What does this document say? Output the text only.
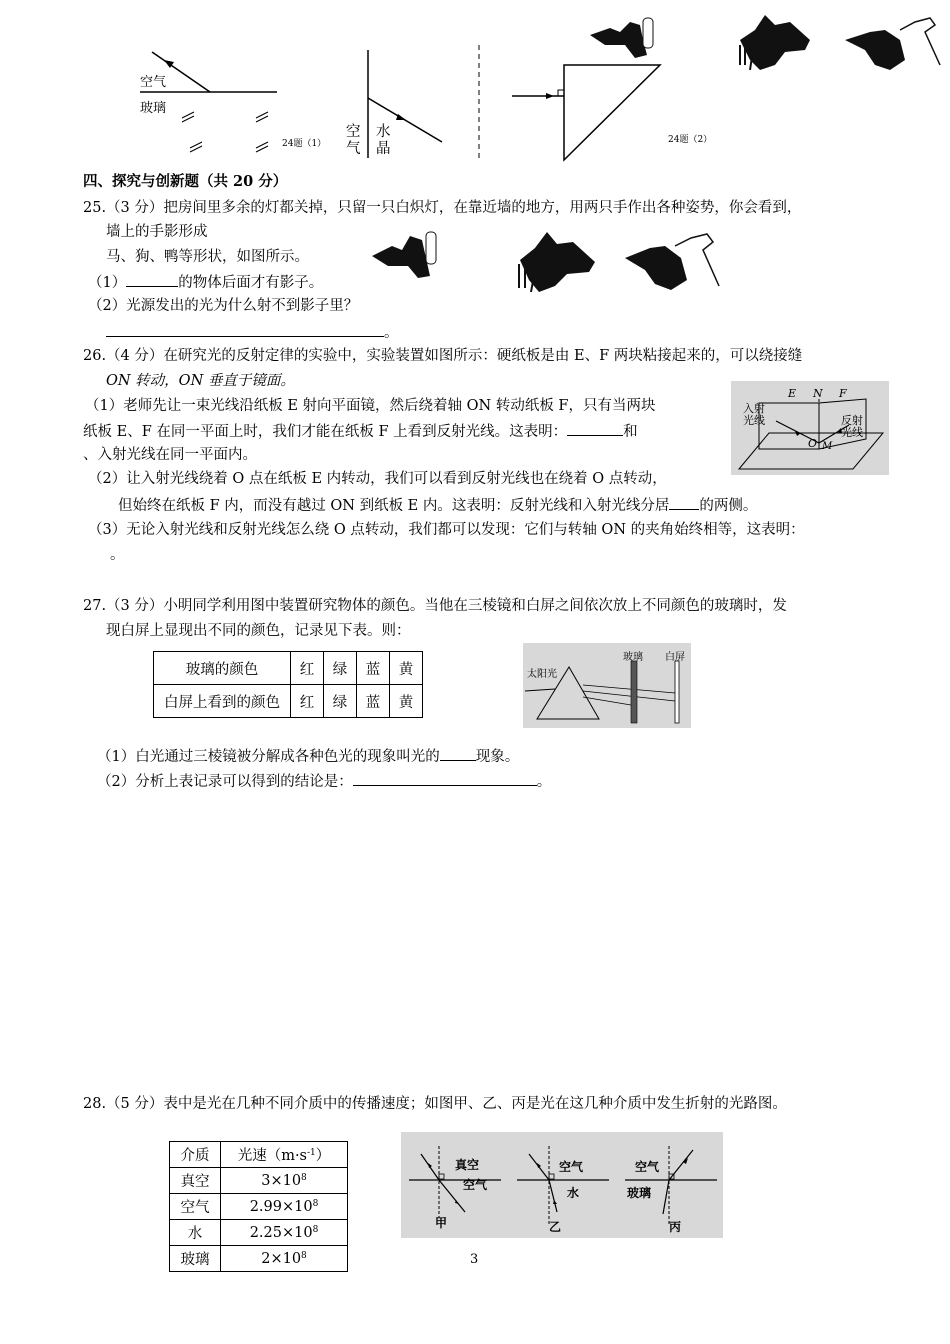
空气
玻璃
空
气
水
晶
24题（1）	24题（2）
四、探究与创新题（共 20 分）
25.（3 分）把房间里多余的灯都关掉，只留一只白炽灯，在靠近墙的地方，用两只手作出各种姿势，你会看到，
墙上的手影形成
马、狗、鸭等形状，如图所示。
（1）	的物体后面才有影子。
（2）光源发出的光为什么射不到影子里？
。
26.（4 分）在研究光的反射定律的实验中，实验装置如图所示：硬纸板是由 E、F 两块粘接起来的，可以绕接缝
ON 转动，ON 垂直于镜面。
（1）老师先让一束光线沿纸板 E 射向平面镜，然后绕着轴 ON 转动纸板 F，只有当两块
纸板 E、F 在同一平面上时，我们才能在纸板 F 上看到反射光线。这表明：	和
、入射光线在同一平面内。
（2）让入射光线绕着 O 点在纸板 E 内转动，我们可以看到反射光线也在绕着 O 点转动，
但始终在纸板 F 内，而没有越过 ON 到纸板 E 内。这表明：反射光线和入射光线分居 的两侧。
（3）无论入射光线和反射光线怎么绕 O 点转动，我们都可以发现：它们与转轴 ON 的夹角始终相等，这表明：
。
E N F
O M
入射
光线	反射
光线
27.（3 分）小明同学利用图中装置研究物体的颜色。当他在三棱镜和白屏之间依次放上不同颜色的玻璃时，发
现白屏上显现出不同的颜色，记录见下表。则：
玻璃的颜色	红	绿	蓝	黄
白屏上看到的颜色	红	绿	蓝	黄
太阳光
玻璃 白屏
（1）白光通过三棱镜被分解成各种色光的现象叫光的 现象。
（2）分析上表记录可以得到的结论是：	。
28.（5 分）表中是光在几种不同介质中的传播速度；如图甲、乙、丙是光在这几种介质中发生折射的光路图。
介质	光速$(m\cdot s^{-1})$
真空	$3\times 10^8$
空气	$2.99\times 10^8$
水	$2.25\times 10^8$
玻璃	$2\times 10^8$
真空
空气
甲
空气
水
乙
空气
玻璃
丙
3
